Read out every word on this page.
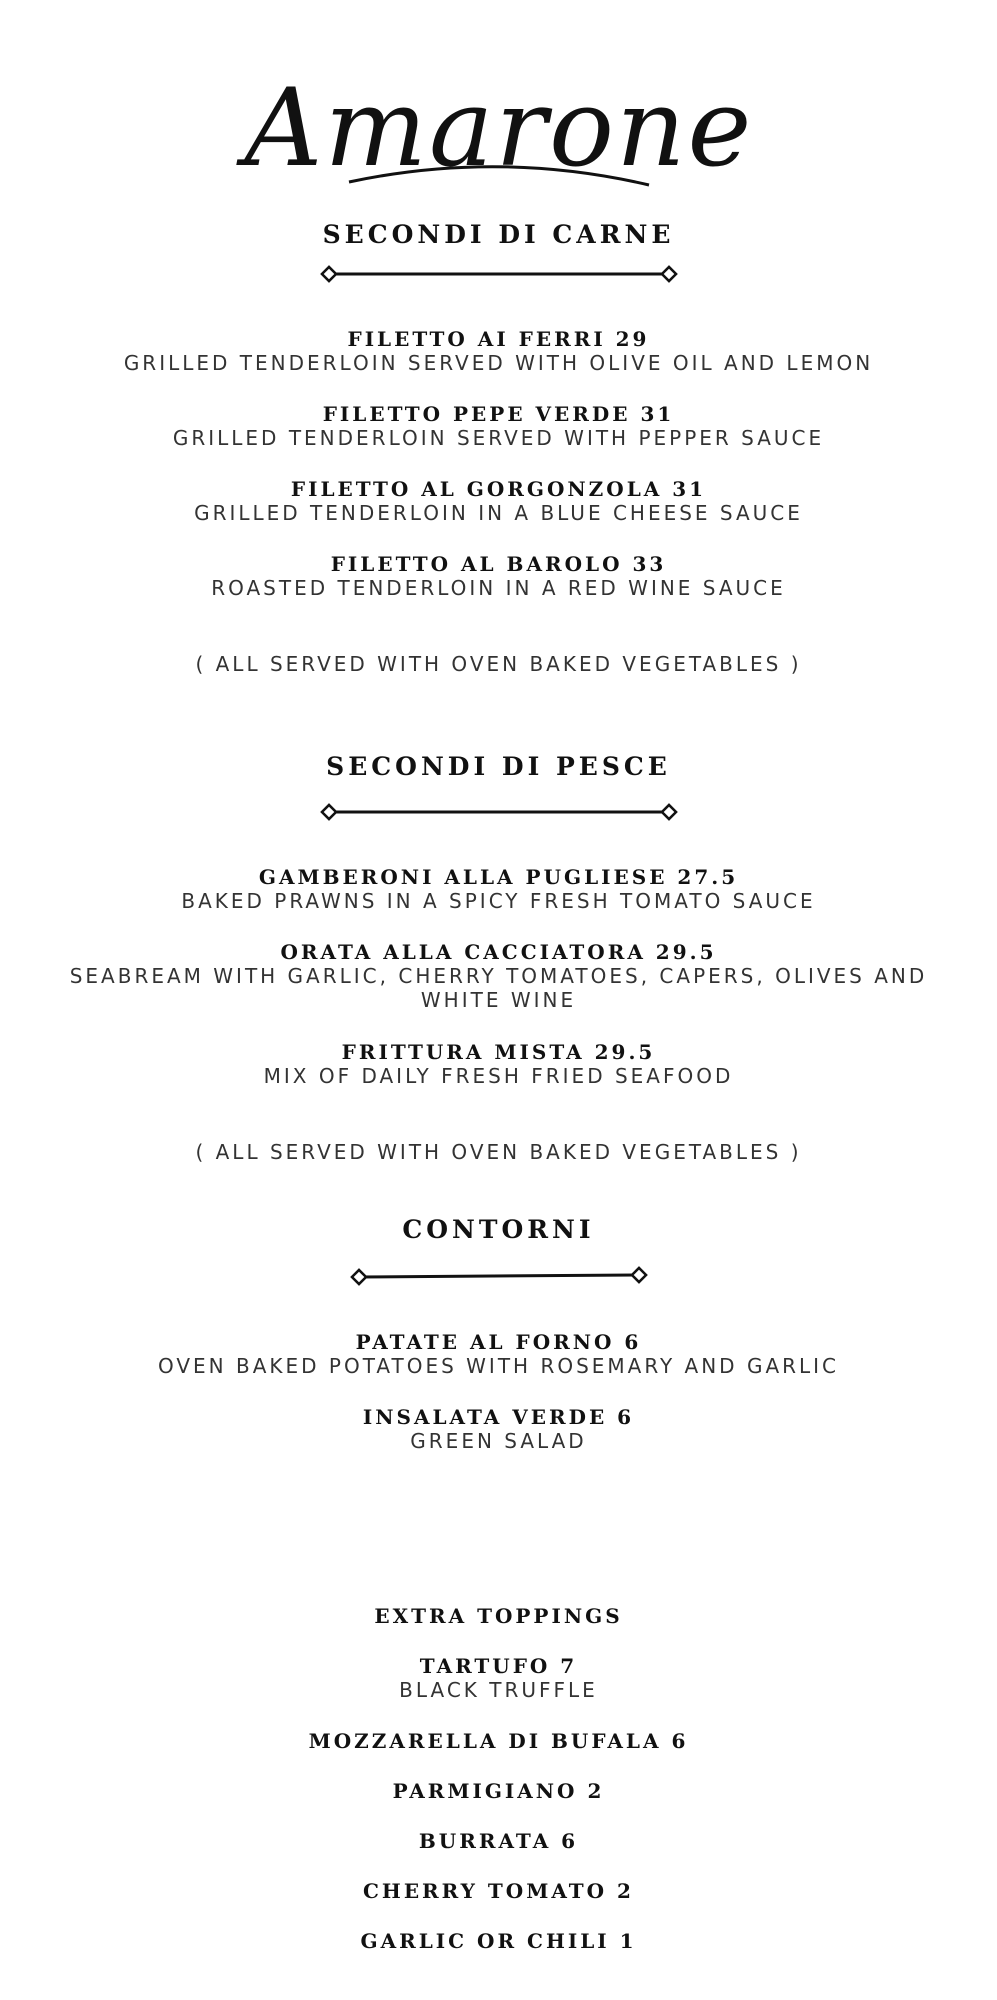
Amarone
SECONDI DI CARNE
FILETTO AI FERRI 29
GRILLED TENDERLOIN SERVED WITH OLIVE OIL AND LEMON
FILETTO PEPE VERDE 31
GRILLED TENDERLOIN SERVED WITH PEPPER SAUCE
FILETTO AL GORGONZOLA 31
GRILLED TENDERLOIN IN A BLUE CHEESE SAUCE
FILETTO AL BAROLO 33
ROASTED TENDERLOIN IN A RED WINE SAUCE
( ALL SERVED WITH OVEN BAKED VEGETABLES )
SECONDI DI PESCE
GAMBERONI ALLA PUGLIESE 27.5
BAKED PRAWNS IN A SPICY FRESH TOMATO SAUCE
ORATA ALLA CACCIATORA 29.5
SEABREAM WITH GARLIC, CHERRY TOMATOES, CAPERS, OLIVES AND
WHITE WINE
FRITTURA MISTA 29.5
MIX OF DAILY FRESH FRIED SEAFOOD
( ALL SERVED WITH OVEN BAKED VEGETABLES )
CONTORNI
PATATE AL FORNO 6
OVEN BAKED POTATOES WITH ROSEMARY AND GARLIC
INSALATA VERDE 6
GREEN SALAD
EXTRA TOPPINGS
TARTUFO 7
BLACK TRUFFLE
MOZZARELLA DI BUFALA 6
PARMIGIANO 2
BURRATA 6
CHERRY TOMATO 2
GARLIC OR CHILI 1
